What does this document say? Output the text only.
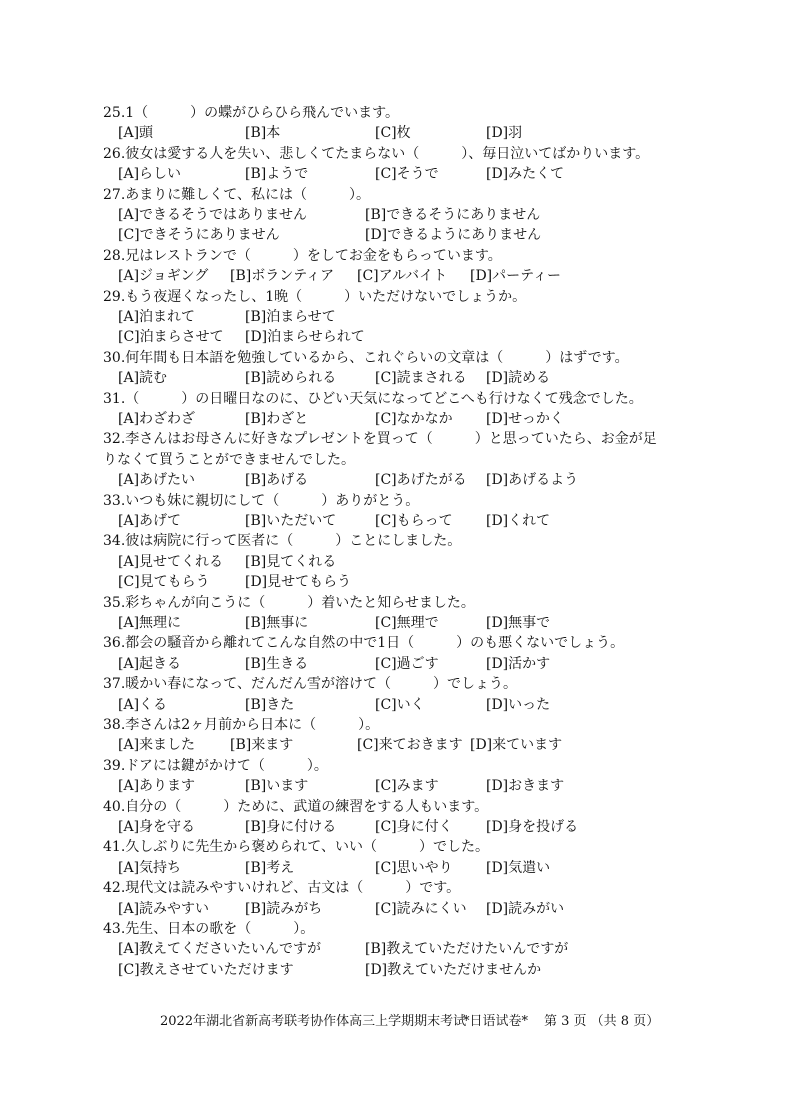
25.1（　　　）の蝶がひらひら飛んでいます。
[A]頭	[B]本	[C]枚	[D]羽
26.彼女は愛する人を失い、悲しくてたまらない（　　　）、毎日泣いてばかりいます。
[A]らしい	[B]ようで	[C]そうで	[D]みたくて
27.あまりに難しくて、私には（　　　）。
[A]できるそうではありません	[B]できるそうにありません
[C]できそうにありません	[D]できるようにありません
28.兄はレストランで（　　　）をしてお金をもらっています。
[A]ジョギング [B]ボランティア [C]アルバイト [D]パーティー
29.もう夜遅くなったし、1晩（　　　）いただけないでしょうか。
[A]泊まれて	[B]泊まらせて
[C]泊まらさせて [D]泊まらせられて
30.何年間も日本語を勉強しているから、これぐらいの文章は（　　　）はずです。
[A]読む	[B]読められる	[C]読まされる [D]読める
31.（　　　）の日曜日なのに、ひどい天気になってどこへも行けなくて残念でした。
[A]わざわざ	[B]わざと	[C]なかなか [D]せっかく
32.李さんはお母さんに好きなプレゼントを買って（　　　）と思っていたら、お金が足
りなくて買うことができませんでした。
[A]あげたい	[B]あげる	[C]あげたがる [D]あげるよう
33.いつも妹に親切にして（　　　）ありがとう。
[A]あげて	[B]いただいて	[C]もらって [D]くれて
34.彼は病院に行って医者に（　　　）ことにしました。
[A]見せてくれる [B]見てくれる
[C]見てもらう	[D]見せてもらう
35.彩ちゃんが向こうに（　　　）着いたと知らせました。
[A]無理に	[B]無事に	[C]無理で	[D]無事で
36.都会の騒音から離れてこんな自然の中で1日（　　　）のも悪くないでしょう。
[A]起きる	[B]生きる	[C]過ごす	[D]活かす
37.暖かい春になって、だんだん雪が溶けて（　　　）でしょう。
[A]くる	[B]きた	[C]いく	[D]いった
38.李さんは2ヶ月前から日本に（　　　）。
[A]来ました [B]来ます	[C]来ておきます [D]来ています
39.ドアには鍵がかけて（　　　）。
[A]あります	[B]います	[C]みます	[D]おきます
40.自分の（　　　）ために、武道の練習をする人もいます。
[A]身を守る	[B]身に付ける	[C]身に付く [D]身を投げる
41.久しぶりに先生から褒められて、いい（　　　）でした。
[A]気持ち	[B]考え	[C]思いやり [D]気遣い
42.現代文は読みやすいけれど、古文は（　　　）です。
[A]読みやすい	[B]読みがち	[C]読みにくい [D]読みがい
43.先生、日本の歌を（　　　）。
[A]教えてくださいたいんですが	[B]教えていただけたいんですが
[C]教えさせていただけます	[D]教えていただけませんか
2022年湖北省新高考联考协作体高三上学期期末考试
*日语试卷* 第 3 页 （共 8 页）
